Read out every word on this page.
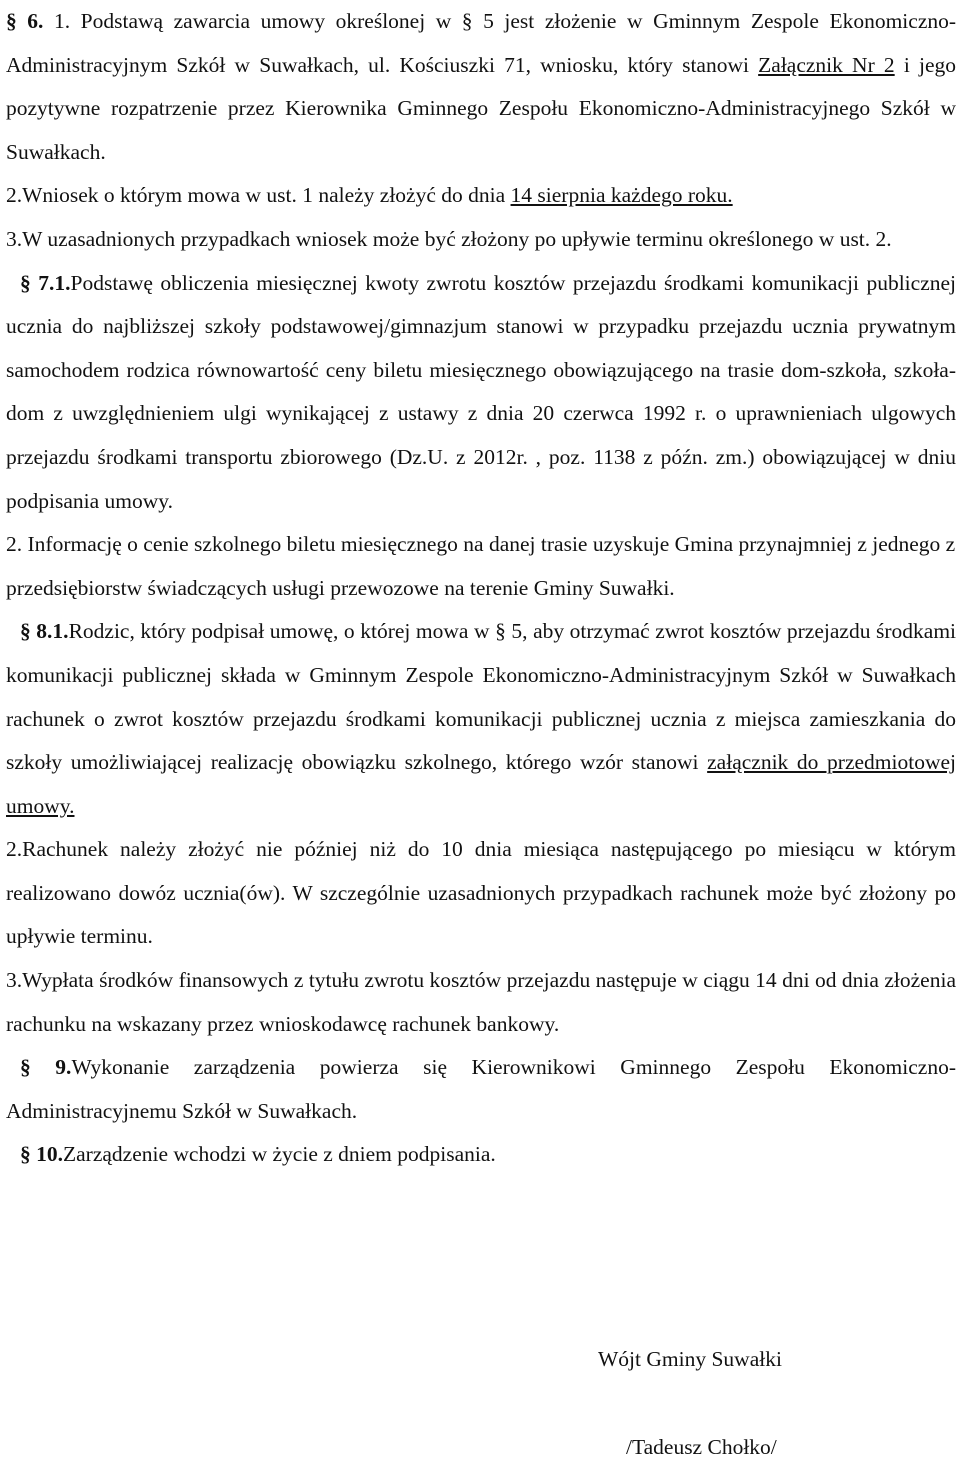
§ 6. 1. Podstawą zawarcia umowy określonej w § 5 jest złożenie w Gminnym Zespole Ekonomiczno-Administracyjnym Szkół w Suwałkach, ul. Kościuszki 71, wniosku, który stanowi Załącznik Nr 2 i jego pozytywne rozpatrzenie przez Kierownika Gminnego Zespołu Ekonomiczno-Administracyjnego Szkół w Suwałkach.

2.Wniosek o którym mowa w ust. 1 należy złożyć do dnia 14 sierpnia każdego roku.

3.W uzasadnionych przypadkach wniosek może być złożony po upływie terminu określonego w ust. 2.

§ 7.1.Podstawę obliczenia miesięcznej kwoty zwrotu kosztów przejazdu środkami komunikacji publicznej ucznia do najbliższej szkoły podstawowej/gimnazjum stanowi w przypadku przejazdu ucznia prywatnym samochodem rodzica równowartość ceny biletu miesięcznego obowiązującego na trasie dom-szkoła, szkoła-dom z uwzględnieniem ulgi wynikającej z ustawy z dnia 20 czerwca 1992 r. o uprawnieniach ulgowych przejazdu środkami transportu zbiorowego (Dz.U. z 2012r. , poz. 1138 z późn. zm.) obowiązującej w dniu podpisania umowy.

2. Informację o cenie szkolnego biletu miesięcznego na danej trasie uzyskuje Gmina przynajmniej z jednego z przedsiębiorstw świadczących usługi przewozowe na terenie Gminy Suwałki.

§ 8.1.Rodzic, który podpisał umowę, o której mowa w § 5, aby otrzymać zwrot kosztów przejazdu środkami komunikacji publicznej składa w Gminnym Zespole Ekonomiczno-Administracyjnym Szkół w Suwałkach rachunek o zwrot kosztów przejazdu środkami komunikacji publicznej ucznia z miejsca zamieszkania do szkoły umożliwiającej realizację obowiązku szkolnego, którego wzór stanowi załącznik do przedmiotowej umowy.

2.Rachunek należy złożyć nie później niż do 10 dnia miesiąca następującego po miesiącu w którym realizowano dowóz ucznia(ów). W szczególnie uzasadnionych przypadkach rachunek może być złożony po upływie terminu.

3.Wypłata środków finansowych z tytułu zwrotu kosztów przejazdu następuje w ciągu 14 dni od dnia złożenia rachunku na wskazany przez wnioskodawcę rachunek bankowy.

§ 9.Wykonanie zarządzenia powierza się Kierownikowi Gminnego Zespołu Ekonomiczno-Administracyjnemu Szkół w Suwałkach.

§ 10.Zarządzenie wchodzi w życie z dniem podpisania.

Wójt Gminy Suwałki
/Tadeusz Chołko/
